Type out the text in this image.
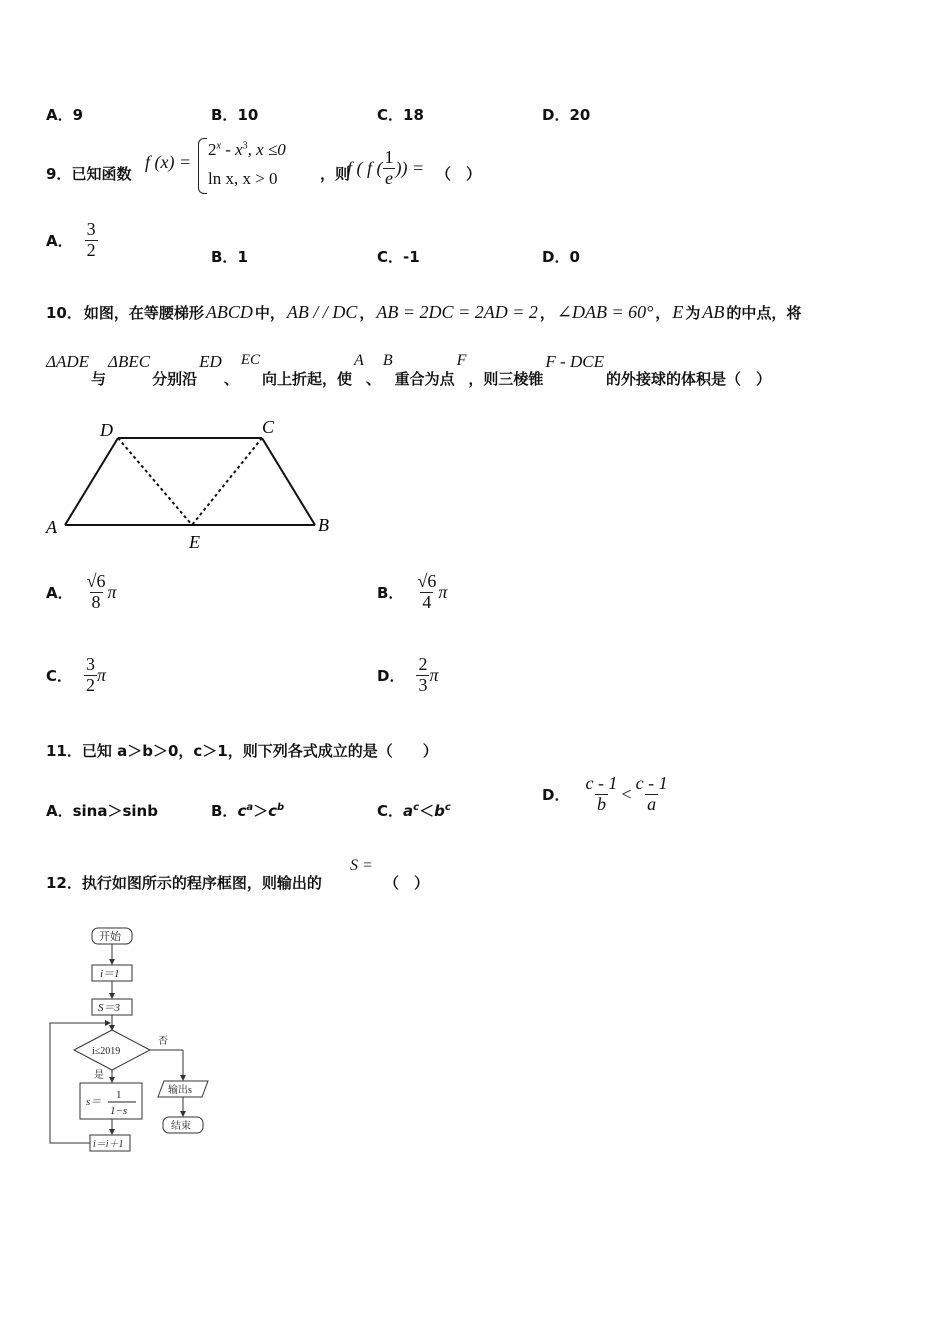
A．9	B．10	C．18	D．20
9．已知函数
f (x) =
$2^x - x^3$, x ≤0
ln x, x > 0	，则
f ( f ( $\frac{1}{e}$ )) = （　）
A． $\frac{3}{2}$	B．1	C．-1	D．0
10． 如图，在等腰梯形 ABCD 中， AB / / DC ， AB = 2DC = 2AD = 2 ， ∠DAB = 60° ， E 为 AB 的中点，将
ΔADE
与
ΔBEC
分别沿
ED
、
EC
向上折起，使
A
、
B
重合为点
F
，则三棱锥
F - DCE
的外接球的体积是（　）
A	B
C
D
E
A． $\frac{√6}{8}$ π	B． $\frac{√6}{4}$ π
C． $\frac{3}{2}$ π	D． $\frac{2}{3}$ π
11．已知 a＞b＞0，c＞1，则下列各式成立的是（　　）
A．sina＞sinb	B．$c^a>c^b$	C．$a^c<b^c$
D． $\frac{c - 1}{b} < \frac{c - 1}{a}$
12．执行如图所示的程序框图，则输出的
S =
（　）
开始
i＝1
S＝3
i≤2019
否
是
输出s
结束
s＝
1
1−s
i＝i＋1
